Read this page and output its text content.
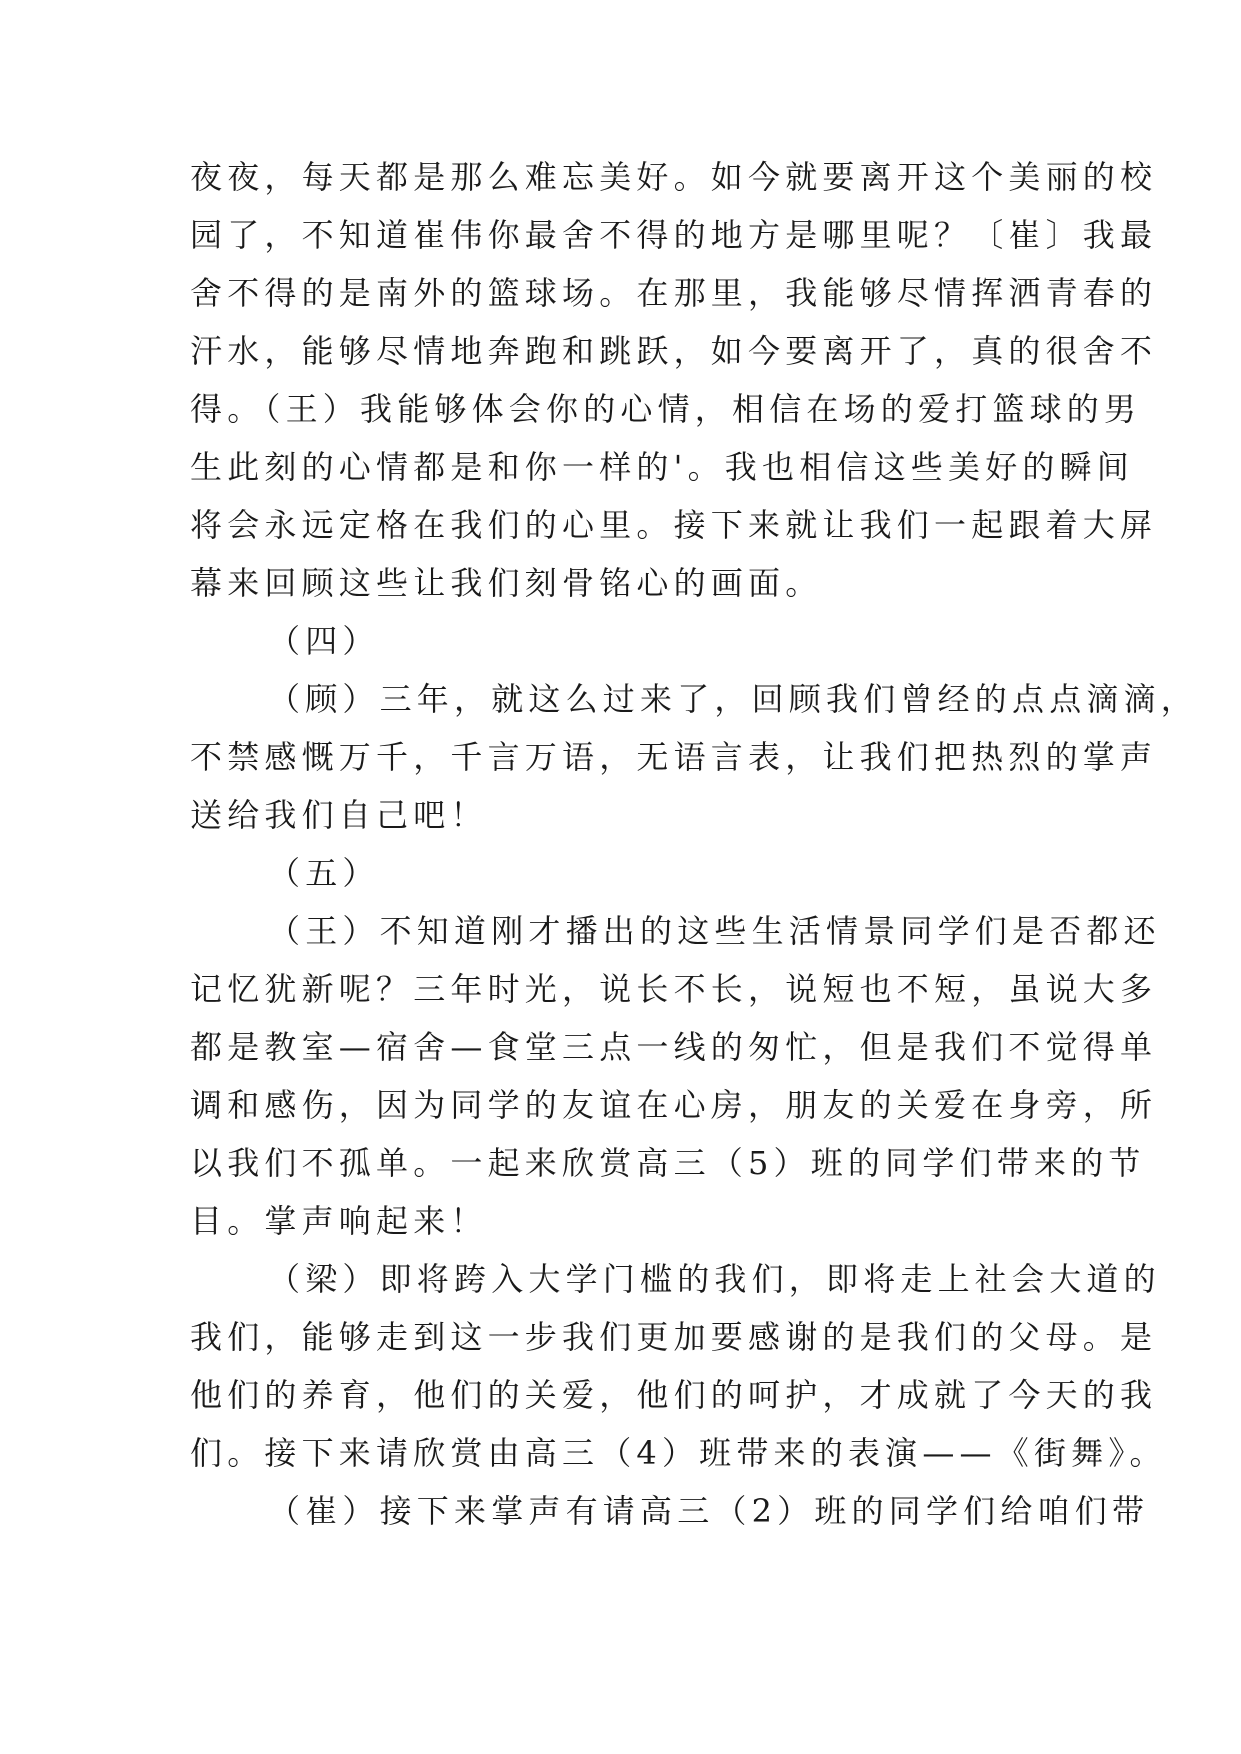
夜夜，每天都是那么难忘美好。如今就要离开这个美丽的校
园了，不知道崔伟你最舍不得的地方是哪里呢？〔崔〕我最
舍不得的是南外的篮球场。在那里，我能够尽情挥洒青春的
汗水，能够尽情地奔跑和跳跃，如今要离开了，真的很舍不
得。（王）我能够体会你的心情，相信在场的爱打篮球的男
生此刻的心情都是和你一样的'。我也相信这些美好的瞬间
将会永远定格在我们的心里。接下来就让我们一起跟着大屏
幕来回顾这些让我们刻骨铭心的画面。
（四）
（顾）三年，就这么过来了，回顾我们曾经的点点滴滴，
不禁感慨万千，千言万语，无语言表，让我们把热烈的掌声
送给我们自己吧！
（五）
（王）不知道刚才播出的这些生活情景同学们是否都还
记忆犹新呢？三年时光，说长不长，说短也不短，虽说大多
都是教室—宿舍—食堂三点一线的匆忙，但是我们不觉得单
调和感伤，因为同学的友谊在心房，朋友的关爱在身旁，所
以我们不孤单。一起来欣赏高三（5）班的同学们带来的节
目。掌声响起来！
（梁）即将跨入大学门槛的我们，即将走上社会大道的
我们，能够走到这一步我们更加要感谢的是我们的父母。是
他们的养育，他们的关爱，他们的呵护，才成就了今天的我
们。接下来请欣赏由高三（4）班带来的表演——《街舞》。
（崔）接下来掌声有请高三（2）班的同学们给咱们带
